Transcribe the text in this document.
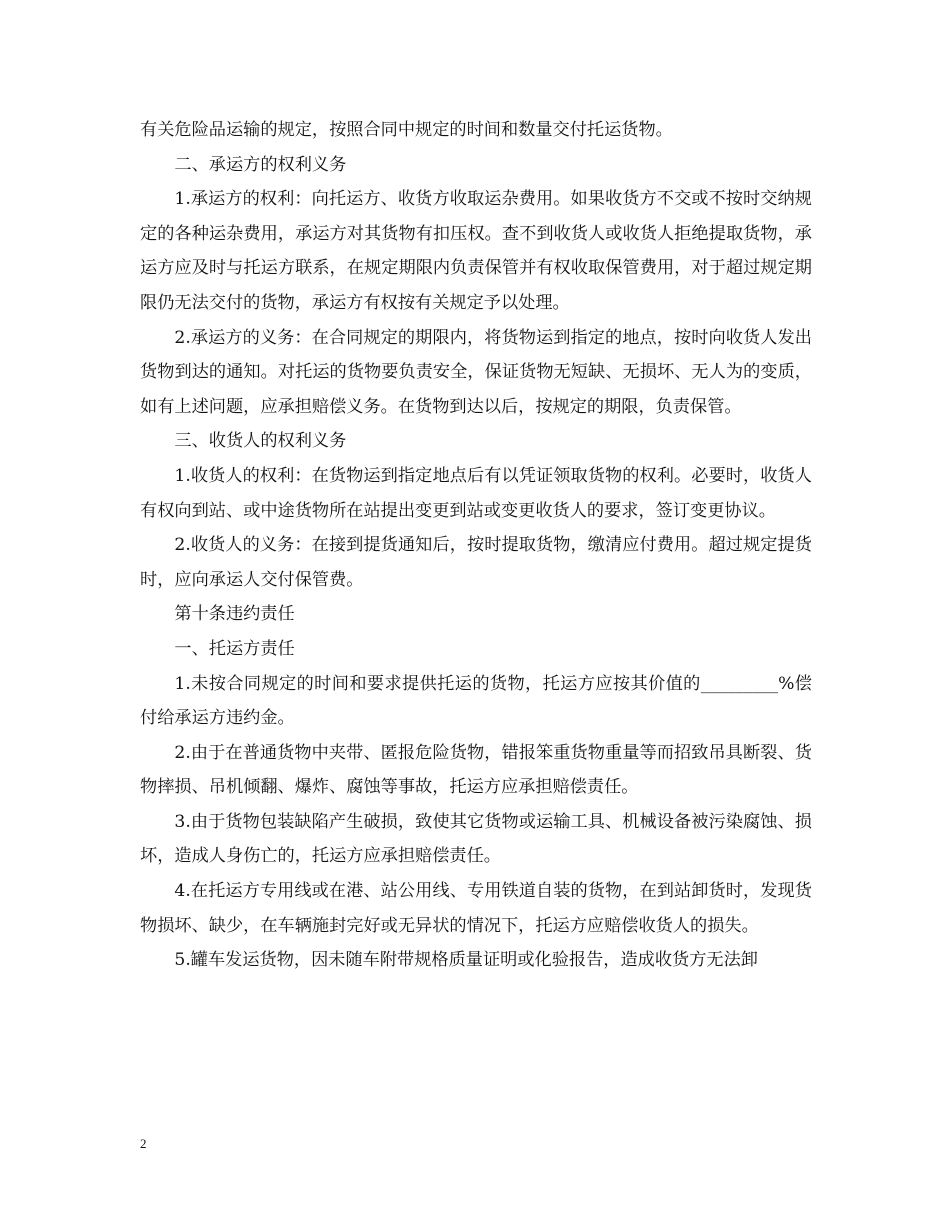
有关危险品运输的规定，按照合同中规定的时间和数量交付托运货物。

二、承运方的权利义务

1.承运方的权利：向托运方、收货方收取运杂费用。如果收货方不交或不按时交纳规定的各种运杂费用，承运方对其货物有扣压权。查不到收货人或收货人拒绝提取货物，承运方应及时与托运方联系，在规定期限内负责保管并有权收取保管费用，对于超过规定期限仍无法交付的货物，承运方有权按有关规定予以处理。

2.承运方的义务：在合同规定的期限内，将货物运到指定的地点，按时向收货人发出货物到达的通知。对托运的货物要负责安全，保证货物无短缺、无损坏、无人为的变质，如有上述问题，应承担赔偿义务。在货物到达以后，按规定的期限，负责保管。

三、收货人的权利义务

1.收货人的权利：在货物运到指定地点后有以凭证领取货物的权利。必要时，收货人有权向到站、或中途货物所在站提出变更到站或变更收货人的要求，签订变更协议。

2.收货人的义务：在接到提货通知后，按时提取货物，缴清应付费用。超过规定提货时，应向承运人交付保管费。

第十条违约责任

一、托运方责任

1.未按合同规定的时间和要求提供托运的货物，托运方应按其价值的_________%偿付给承运方违约金。

2.由于在普通货物中夹带、匿报危险货物，错报笨重货物重量等而招致吊具断裂、货物摔损、吊机倾翻、爆炸、腐蚀等事故，托运方应承担赔偿责任。

3.由于货物包装缺陷产生破损，致使其它货物或运输工具、机械设备被污染腐蚀、损坏，造成人身伤亡的，托运方应承担赔偿责任。

4.在托运方专用线或在港、站公用线、专用铁道自装的货物，在到站卸货时，发现货物损坏、缺少，在车辆施封完好或无异状的情况下，托运方应赔偿收货人的损失。

5.罐车发运货物，因未随车附带规格质量证明或化验报告，造成收货方无法卸

2
